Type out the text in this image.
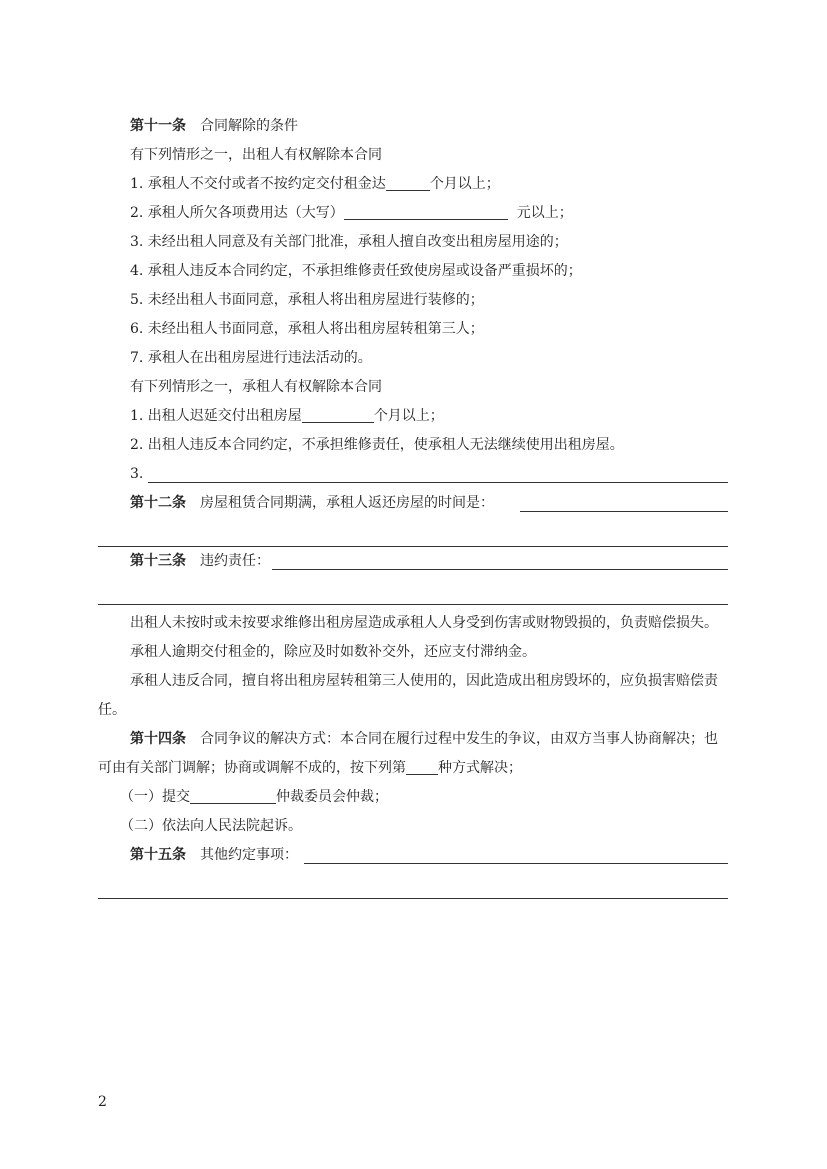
第十一条 合同解除的条件
有下列情形之一，出租人有权解除本合同
1. 承租人不交付或者不按约定交付租金达	个月以上；
2. 承租人所欠各项费用达（大写）	元以上；
3. 未经出租人同意及有关部门批准，承租人擅自改变出租房屋用途的；
4. 承租人违反本合同约定，不承担维修责任致使房屋或设备严重损坏的；
5. 未经出租人书面同意，承租人将出租房屋进行装修的；
6. 未经出租人书面同意，承租人将出租房屋转租第三人；
7. 承租人在出租房屋进行违法活动的。
有下列情形之一，承租人有权解除本合同
1. 出租人迟延交付出租房屋	个月以上；
2. 出租人违反本合同约定，不承担维修责任，使承租人无法继续使用出租房屋。
3.
第十二条 房屋租赁合同期满，承租人返还房屋的时间是：
第十三条 违约责任：

出租人未按时或未按要求维修出租房屋造成承租人人身受到伤害或财物毁损的，负责赔偿损失。

承租人逾期交付租金的，除应及时如数补交外，还应支付滞纳金。

承租人违反合同，擅自将出租房屋转租第三人使用的，因此造成出租房毁坏的，应负损害赔偿责任。

第十四条 合同争议的解决方式：本合同在履行过程中发生的争议，由双方当事人协商解决；也可由有关部门调解；协商或调解不成的，按下列第 种方式解决；

（一）提交	仲裁委员会仲裁；
（二）依法向人民法院起诉。
第十五条 其他约定事项：
2
